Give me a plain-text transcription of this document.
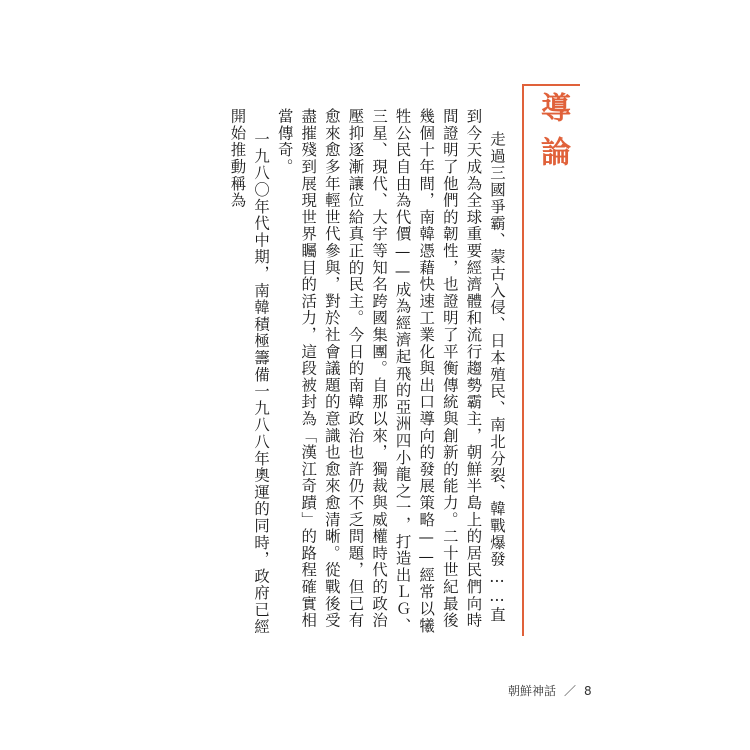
導論

走過三國爭霸、蒙古入侵、日本殖民、南北分裂、韓戰爆發……直到今天成為全球重要經濟體和流行趨勢霸主，朝鮮半島上的居民們向時間證明了他們的韌性，也證明了平衡傳統與創新的能力。二十世紀最後幾個十年間，南韓憑藉快速工業化與出口導向的發展策略——經常以犧牲公民自由為代價——成為經濟起飛的亞洲四小龍之一，打造出ＬＧ、三星、現代、大宇等知名跨國集團。自那以來，獨裁與威權時代的政治壓抑逐漸讓位給真正的民主。今日的南韓政治也許仍不乏問題，但已有愈來愈多年輕世代參與，對於社會議題的意識也愈來愈清晰。從戰後受盡摧殘到展現世界矚目的活力，這段被封為「漢江奇蹟」的路程確實相當傳奇。

一九八〇年代中期，南韓積極籌備一九八八年奧運的同時，政府已經開始推動稱為

朝鮮神話 ／ 8
